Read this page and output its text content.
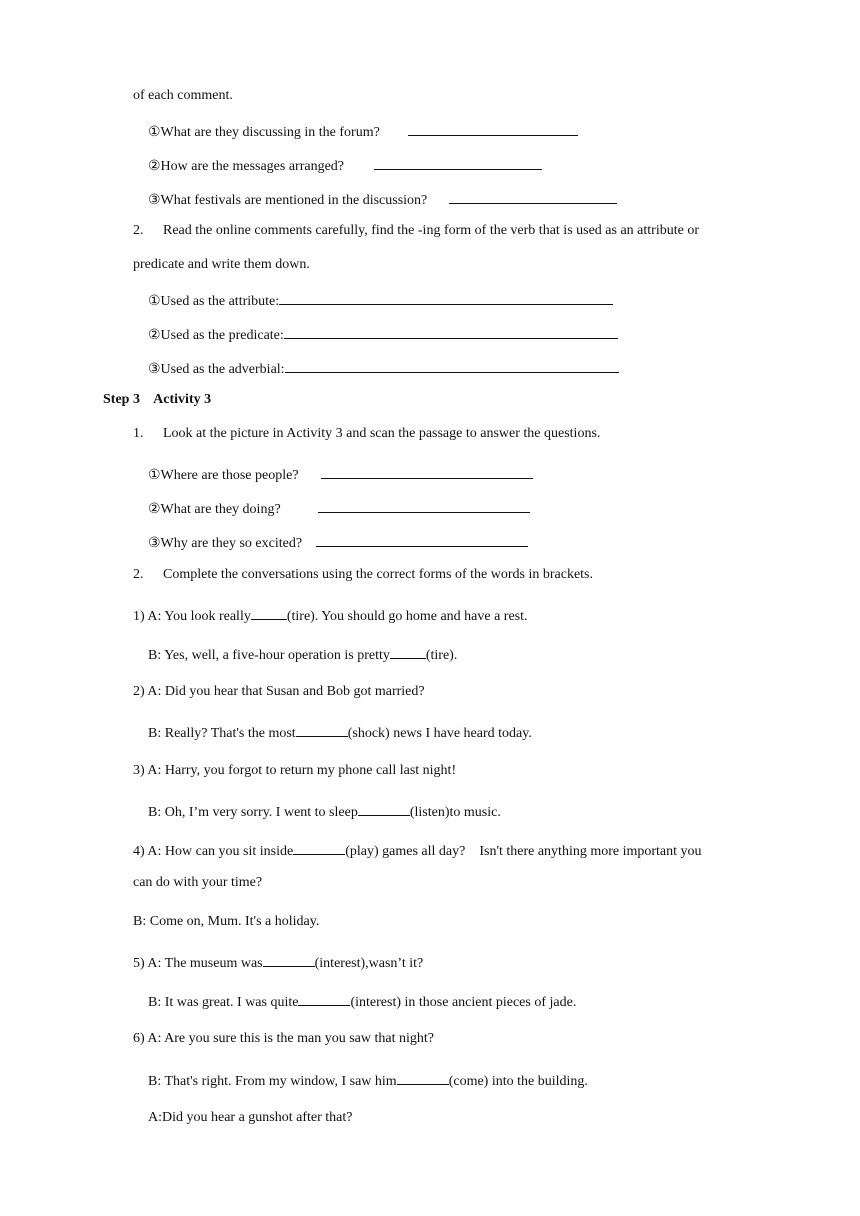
of each comment.
①What are they discussing in the forum?
②How are the messages arranged?
③What festivals are mentioned in the discussion?
2. Read the online comments carefully, find the -ing form of the verb that is used as an attribute or
predicate and write them down.
①Used as the attribute:
②Used as the predicate:
③Used as the adverbial:
Step 3    Activity 3
1. Look at the picture in Activity 3 and scan the passage to answer the questions.
①Where are those people?
②What are they doing?
③Why are they so excited?
2. Complete the conversations using the correct forms of the words in brackets.
1) A: You look really	(tire). You should go home and have a rest.
B: Yes, well, a five-hour operation is pretty	(tire).
2) A: Did you hear that Susan and Bob got married?
B: Really? That's the most	(shock) news I have heard today.
3) A: Harry, you forgot to return my phone call last night!
B: Oh, I’m very sorry. I went to sleep	(listen)to music.
4) A: How can you sit inside	(play) games all day?    Isn't there anything more important you
can do with your time?
B: Come on, Mum. It's a holiday.
5) A: The museum was	(interest),wasn’t it?
B: It was great. I was quite	(interest) in those ancient pieces of jade.
6) A: Are you sure this is the man you saw that night?
B: That's right. From my window, I saw him	(come) into the building.
A:Did you hear a gunshot after that?
